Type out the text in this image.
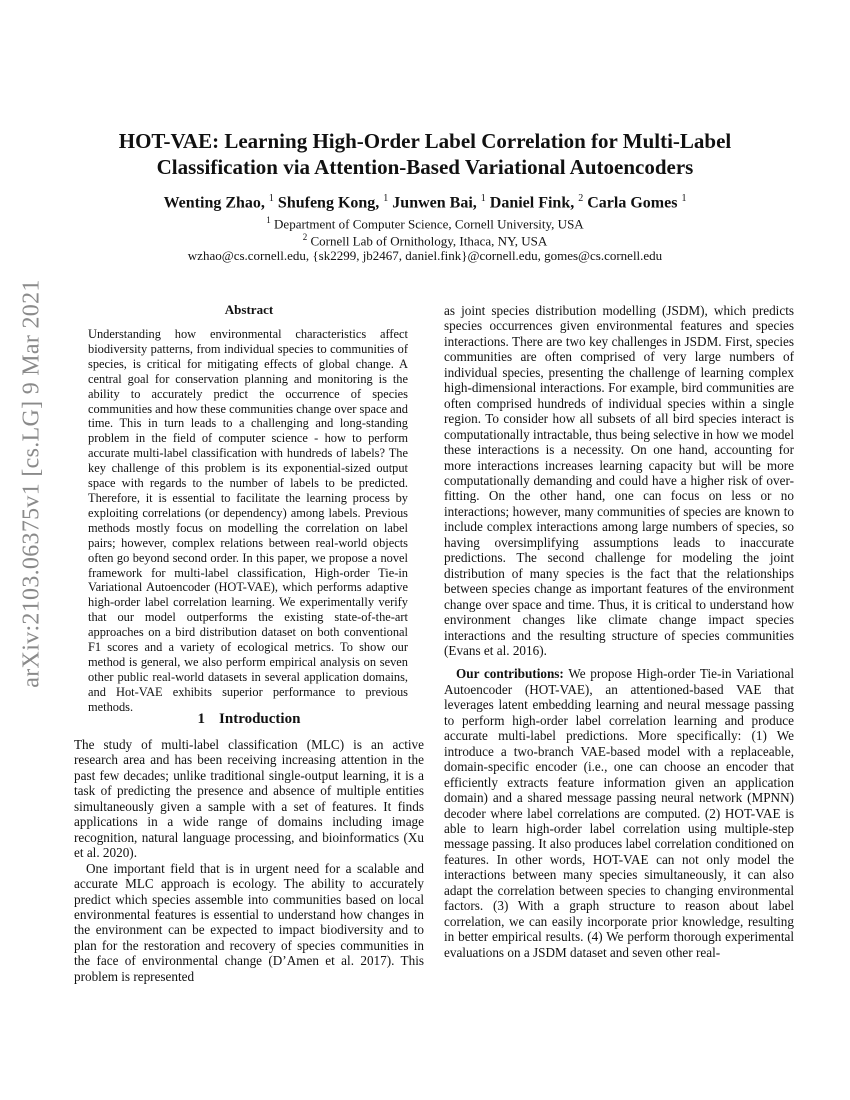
arXiv:2103.06375v1 [cs.LG] 9 Mar 2021
HOT-VAE: Learning High-Order Label Correlation for Multi-Label
Classification via Attention-Based Variational Autoencoders
Wenting Zhao, $^1$ Shufeng Kong, $^1$ Junwen Bai, $^1$ Daniel Fink, $^2$ Carla Gomes $^1$
$^1$ Department of Computer Science, Cornell University, USA
$^2$ Cornell Lab of Ornithology, Ithaca, NY, USA
wzhao@cs.cornell.edu, {sk2299, jb2467, daniel.fink}@cornell.edu, gomes@cs.cornell.edu
Abstract

Understanding how environmental characteristics affect biodiversity patterns, from individual species to communities of species, is critical for mitigating effects of global change. A central goal for conservation planning and monitoring is the ability to accurately predict the occurrence of species communities and how these communities change over space and time. This in turn leads to a challenging and long-standing problem in the field of computer science - how to perform accurate multi-label classification with hundreds of labels? The key challenge of this problem is its exponential-sized output space with regards to the number of labels to be predicted. Therefore, it is essential to facilitate the learning process by exploiting correlations (or dependency) among labels. Previous methods mostly focus on modelling the correlation on label pairs; however, complex relations between real-world objects often go beyond second order. In this paper, we propose a novel framework for multi-label classification, High-order Tie-in Variational Autoencoder (HOT-VAE), which performs adaptive high-order label correlation learning. We experimentally verify that our model outperforms the existing state-of-the-art approaches on a bird distribution dataset on both conventional F1 scores and a variety of ecological metrics. To show our method is general, we also perform empirical analysis on seven other public real-world datasets in several application domains, and Hot-VAE exhibits superior performance to previous methods.

1 Introduction

The study of multi-label classification (MLC) is an active research area and has been receiving increasing attention in the past few decades; unlike traditional single-output learning, it is a task of predicting the presence and absence of multiple entities simultaneously given a sample with a set of features. It finds applications in a wide range of domains including image recognition, natural language processing, and bioinformatics (Xu et al. 2020).

One important field that is in urgent need for a scalable and accurate MLC approach is ecology. The ability to accurately predict which species assemble into communities based on local environmental features is essential to understand how changes in the environment can be expected to impact biodiversity and to plan for the restoration and recovery of species communities in the face of environmental change (D’Amen et al. 2017). This problem is represented

as joint species distribution modelling (JSDM), which predicts species occurrences given environmental features and species interactions. There are two key challenges in JSDM. First, species communities are often comprised of very large numbers of individual species, presenting the challenge of learning complex high-dimensional interactions. For example, bird communities are often comprised hundreds of individual species within a single region. To consider how all subsets of all bird species interact is computationally intractable, thus being selective in how we model these interactions is a necessity. On one hand, accounting for more interactions increases learning capacity but will be more computationally demanding and could have a higher risk of over-fitting. On the other hand, one can focus on less or no interactions; however, many communities of species are known to include complex interactions among large numbers of species, so having oversimplifying assumptions leads to inaccurate predictions. The second challenge for modeling the joint distribution of many species is the fact that the relationships between species change as important features of the environment change over space and time. Thus, it is critical to understand how environment changes like climate change impact species interactions and the resulting structure of species communities (Evans et al. 2016).

Our contributions: We propose High-order Tie-in Variational Autoencoder (HOT-VAE), an attentioned-based VAE that leverages latent embedding learning and neural message passing to perform high-order label correlation learning and produce accurate multi-label predictions. More specifically: (1) We introduce a two-branch VAE-based model with a replaceable, domain-specific encoder (i.e., one can choose an encoder that efficiently extracts feature information given an application domain) and a shared message passing neural network (MPNN) decoder where label correlations are computed. (2) HOT-VAE is able to learn high-order label correlation using multiple-step message passing. It also produces label correlation conditioned on features. In other words, HOT-VAE can not only model the interactions between many species simultaneously, it can also adapt the correlation between species to changing environmental factors. (3) With a graph structure to reason about label correlation, we can easily incorporate prior knowledge, resulting in better empirical results. (4) We perform thorough experimental evaluations on a JSDM dataset and seven other real-
